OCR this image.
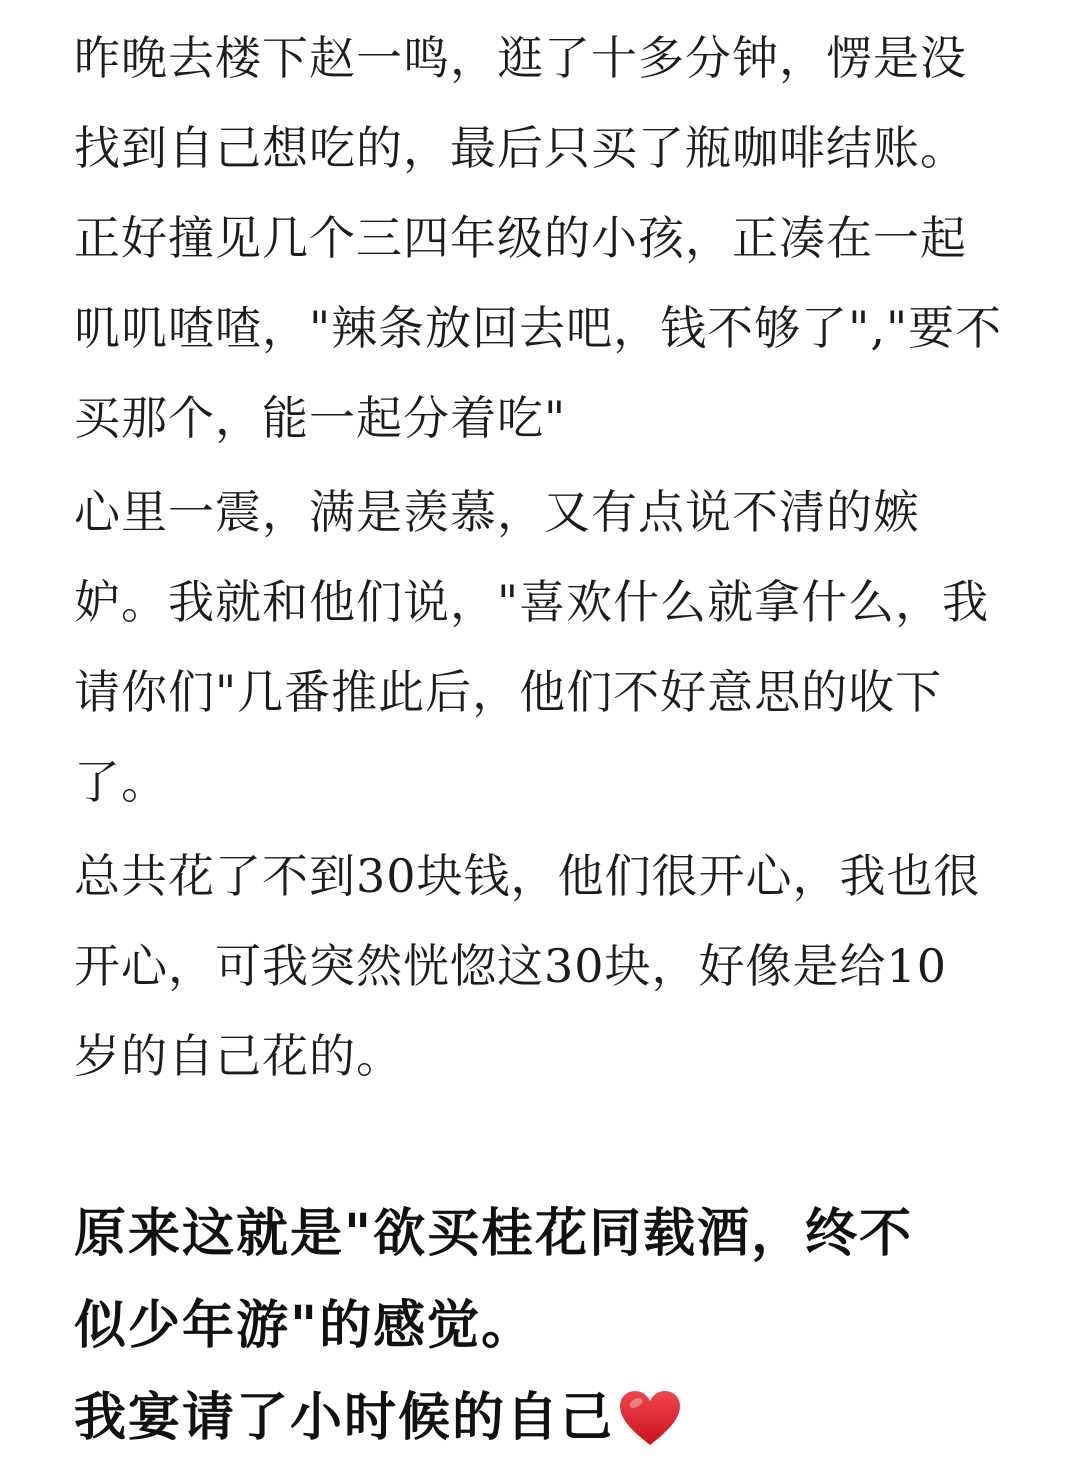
昨晚去楼下赵一鸣，逛了十多分钟，愣是没
找到自己想吃的，最后只买了瓶咖啡结账。
正好撞见几个三四年级的小孩，正凑在一起
叽叽喳喳，"辣条放回去吧，钱不够了","要不
买那个，能一起分着吃"
心里一震，满是羡慕，又有点说不清的嫉
妒。我就和他们说，"喜欢什么就拿什么，我
请你们"几番推此后，他们不好意思的收下
了。
总共花了不到30块钱，他们很开心，我也很
开心，可我突然恍惚这30块，好像是给10
岁的自己花的。
原来这就是"欲买桂花同载酒，终不
似少年游"的感觉。
我宴请了小时候的自己
